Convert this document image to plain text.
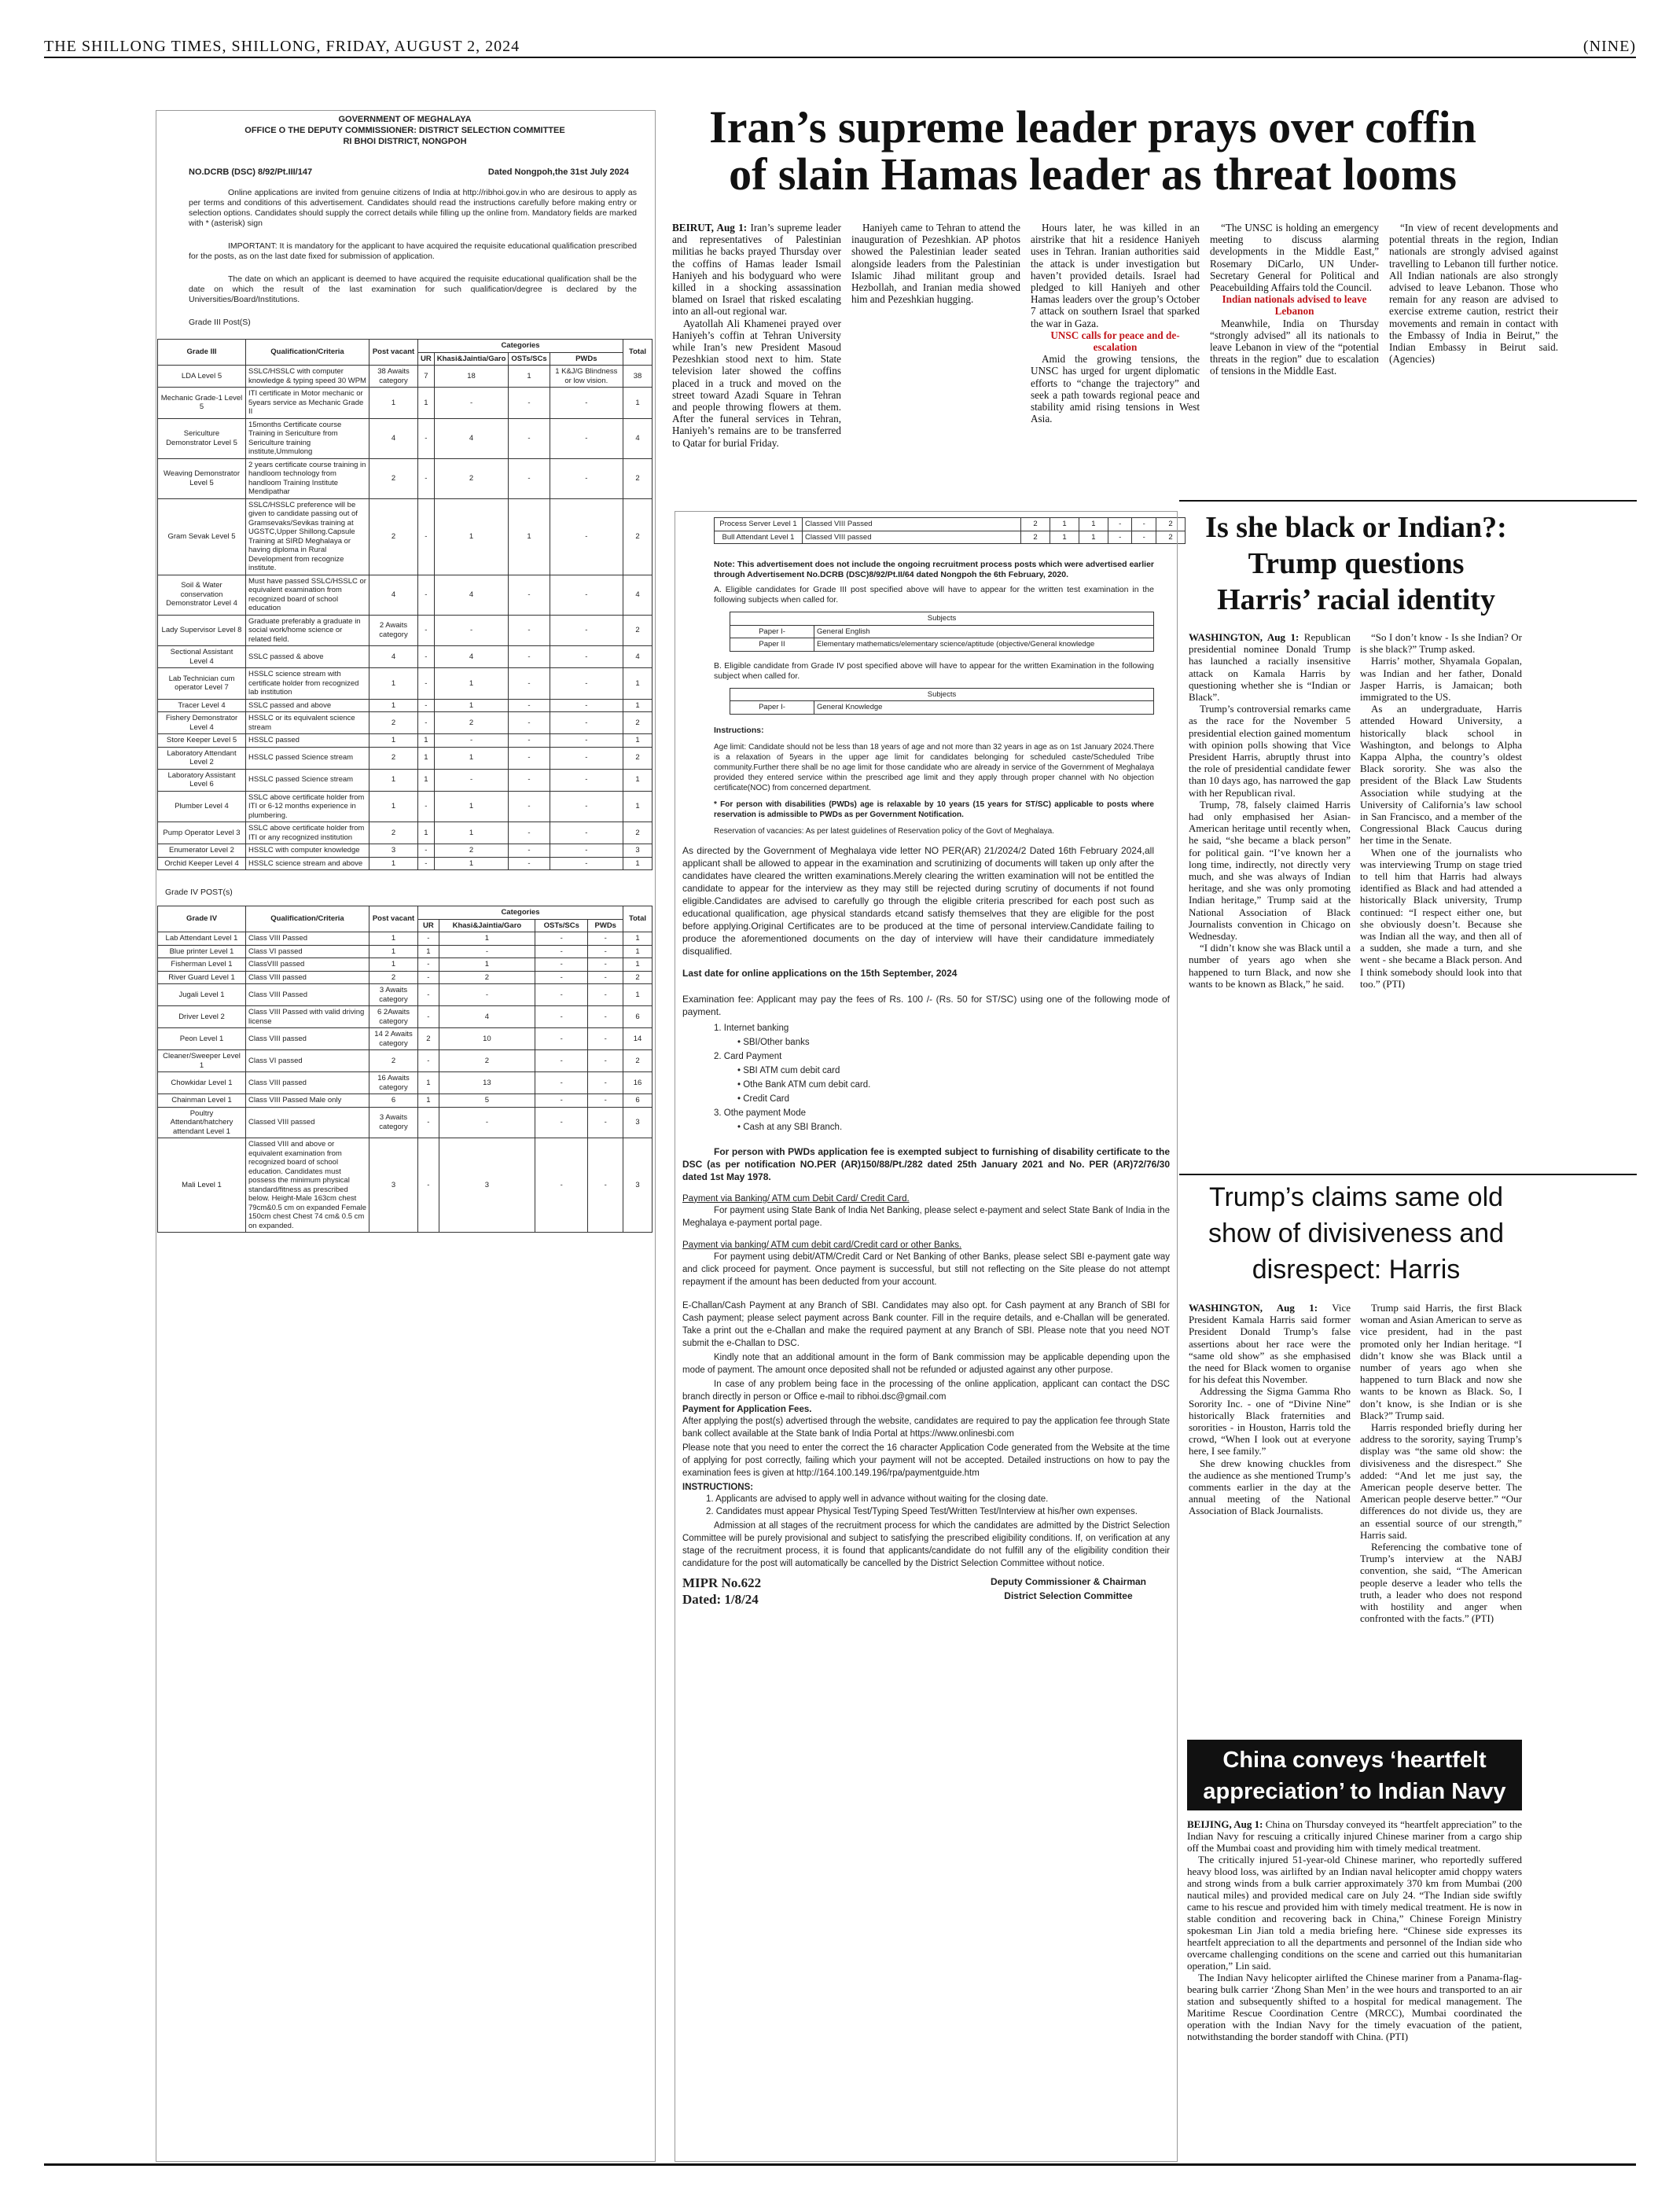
THE SHILLONG TIMES, SHILLONG, FRIDAY, AUGUST 2, 2024	(NINE)

GOVERNMENT OF MEGHALAYA

OFFICE O THE DEPUTY COMMISSIONER: DISTRICT SELECTION COMMITTEE

RI BHOI DISTRICT, NONGPOH

NO.DCRB (DSC) 8/92/Pt.III/147	Dated Nongpoh,the 31st July 2024

Online applications are invited from genuine citizens of India at http://ribhoi.gov.in who are desirous to apply as per terms and conditions of this advertisement. Candidates should read the instructions carefully before making entry or selection options. Candidates should supply the correct details while filling up the online from. Mandatory fields are marked with * (asterisk) sign

IMPORTANT: It is mandatory for the applicant to have acquired the requisite educational qualification prescribed for the posts, as on the last date fixed for submission of application.

The date on which an applicant is deemed to have acquired the requisite educational qualification shall be the date on which the result of the last examination for such qualification/degree is declared by the Universities/Board/Institutions.

Grade III Post(S)

Grade III	Qualification/Criteria	Post vacant	Categories				Total
			UR	Khasi&Jaintia/Garo	OSTs/SCs	PWDs	
LDA Level 5	SSLC/HSSLC with computer knowledge & typing speed 30 WPM	38 Awaits category	7	18	1	1 K&J/G Blindness or low vision.	38
Mechanic Grade-1 Level 5	ITI certificate in Motor mechanic or 5years service as Mechanic Grade II	1	1	-	-	-	1
Sericulture Demonstrator Level 5	15months Certificate course Training in Sericulture from Sericulture training institute,Ummulong	4	-	4	-	-	4
Weaving Demonstrator Level 5	2 years certificate course training in handloom technology from handloom Training Institute Mendipathar	2	-	2	-	-	2
Gram Sevak Level 5	SSLC/HSSLC preference will be given to candidate passing out of Gramsevaks/Sevikas training at UGSTC,Upper Shillong.Capsule Training at SIRD Meghalaya or having diploma in Rural Development from recognize institute.	2	-	1	1	-	2
Soil & Water conservation Demonstrator Level 4	Must have passed SSLC/HSSLC or equivalent examination from recognized board of school education	4	-	4	-	-	4
Lady Supervisor Level 8	Graduate preferably a graduate in social work/home science or related field.	2 Awaits category	-	-	-	-	2
Sectional Assistant Level 4	SSLC passed & above	4	-	4	-	-	4
Lab Technician cum operator Level 7	HSSLC science stream with certificate holder from recognized lab institution	1	-	1	-	-	1
Tracer Level 4	SSLC passed and above	1	-	1	-	-	1
Fishery Demonstrator Level 4	HSSLC or its equivalent science stream	2	-	2	-	-	2
Store Keeper Level 5	HSSLC passed	1	1	-	-	-	1
Laboratory Attendant Level 2	HSSLC passed Science stream	2	1	1	-	-	2
Laboratory Assistant Level 6	HSSLC passed Science stream	1	1	-	-	-	1
Plumber Level 4	SSLC above certificate holder from ITI or 6-12 months experience in plumbering.	1	-	1	-	-	1
Pump Operator Level 3	SSLC above certificate holder from ITI or any recognized institution	2	1	1	-	-	2
Enumerator Level 2	HSSLC with computer knowledge	3	-	2	-	-	3
Orchid Keeper Level 4	HSSLC science stream and above	1	-	1	-	-	1

Grade IV POST(s)

Grade IV	Qualification/Criteria	Post vacant	Categories				Total
			UR	Khasi&Jaintia/Garo	OSTs/SCs	PWDs	
Lab Attendant Level 1	Class VIII Passed	1	-	1	-	-	1
Blue printer Level 1	Class VI passed	1	1	-	-	-	1
Fisherman Level 1	ClassVIII passed	1	-	1	-	-	1
River Guard Level 1	Class VIII passed	2	-	2	-	-	2
Jugali Level 1	Class VIII Passed	3 Awaits category	-	-	-	-	1
Driver Level 2	Class VIII Passed with valid driving license	6 2Awaits category	-	4	-	-	6
Peon Level 1	Class VIII passed	14 2 Awaits category	2	10	-	-	14
Cleaner/Sweeper Level 1	Class VI passed	2	-	2	-	-	2
Chowkidar Level 1	Class VIII passed	16 Awaits category	1	13	-	-	16
Chainman Level 1	Class VIII Passed Male only	6	1	5	-	-	6
Poultry Attendant/hatchery attendant Level 1	Classed VIII passed	3 Awaits category	-	-	-	-	3
Mali Level 1	Classed VIII and above or equivalent examination from recognized board of school education. Candidates must possess the minimum physical standard/fitness as prescribed below. Height-Male 163cm chest 79cm&0.5 cm on expanded Female 150cm chest Chest 74 cm& 0.5 cm on expanded.	3	-	3	-	-	3
Process Server Level 1	Classed VIII Passed	2	1	1	-	-	2
Bull Attendant Level 1	Classed VIII passed	2	1	1	-	-	2

Note: This advertisement does not include the ongoing recruitment process posts which were advertised earlier through Advertisement No.DCRB (DSC)8/92/Pt.II/64 dated Nongpoh the 6th February, 2020.

A. Eligible candidates for Grade III post specified above will have to appear for the written test examination in the following subjects when called for.

Subjects	
Paper I-	General English
Paper II	Elementary mathematics/elementary science/aptitude (objective/General knowledge

B. Eligible candidate from Grade IV post specified above will have to appear for the written Examination in the following subject when called for.

Subjects
Paper I-	General Knowledge

Instructions:

Age limit: Candidate should not be less than 18 years of age and not more than 32 years in age as on 1st January 2024.There is a relaxation of 5years in the upper age limit for candidates belonging for scheduled caste/Scheduled Tribe community.Further there shall be no age limit for those candidate who are already in service of the Government of Meghalaya provided they entered service within the prescribed age limit and they apply through proper channel with No objection certificate(NOC) from concerned department.

* For person with disabilities (PWDs) age is relaxable by 10 years (15 years for ST/SC) applicable to posts where reservation is admissible to PWDs as per Government Notification.

Reservation of vacancies: As per latest guidelines of Reservation policy of the Govt of Meghalaya.

As directed by the Government of Meghalaya vide letter NO PER(AR) 21/2024/2 Dated 16th February 2024,all applicant shall be allowed to appear in the examination and scrutinizing of documents will taken up only after the candidates have cleared the written examinations.Merely clearing the written examination will not be entitled the candidate to appear for the interview as they may still be rejected during scrutiny of documents if not found eligible.Candidates are advised to carefully go through the eligible criteria prescribed for each post such as educational qualification, age physical standards etcand satisfy themselves that they are eligible for the post before applying.Original Certificates are to be produced at the time of personal interview.Candidate failing to produce the aforementioned documents on the day of interview will have their candidature immediately disqualified.

Last date for online applications on the 15th September, 2024

Examination fee: Applicant may pay the fees of Rs. 100 /- (Rs. 50 for ST/SC) using one of the following mode of payment.

1. Internet banking
• SBI/Other banks
2. Card Payment
• SBI ATM cum debit card
• Othe Bank ATM cum debit card.
• Credit Card
3. Othe payment Mode
• Cash at any SBI Branch.

For person with PWDs application fee is exempted subject to furnishing of disability certificate to the DSC (as per notification NO.PER (AR)150/88/Pt./282 dated 25th January 2021 and No. PER (AR)72/76/30 dated 1st May 1978.

Payment via Banking/ ATM cum Debit Card/ Credit Card.

For payment using State Bank of India Net Banking, please select e-payment and select State Bank of India in the Meghalaya e-payment portal page.

Payment via banking/ ATM cum debit card/Credit card or other Banks.

For payment using debit/ATM/Credit Card or Net Banking of other Banks, please select SBI e-payment gate way and click proceed for payment. Once payment is successful, but still not reflecting on the Site please do not attempt repayment if the amount has been deducted from your account.

E-Challan/Cash Payment at any Branch of SBI. Candidates may also opt. for Cash payment at any Branch of SBI for Cash payment; please select payment across Bank counter. Fill in the require details, and e-Challan will be generated. Take a print out the e-Challan and make the required payment at any Branch of SBI. Please note that you need NOT submit the e-Challan to DSC.

Kindly note that an additional amount in the form of Bank commission may be applicable depending upon the mode of payment. The amount once deposited shall not be refunded or adjusted against any other purpose.

In case of any problem being face in the processing of the online application, applicant can contact the DSC branch directly in person or Office e-mail to ribhoi.dsc@gmail.com

Payment for Application Fees.

After applying the post(s) advertised through the website, candidates are required to pay the application fee through State bank collect available at the State bank of India Portal at https://www.onlinesbi.com

Please note that you need to enter the correct the 16 character Application Code generated from the Website at the time of applying for post correctly, failing which your payment will not be accepted. Detailed instructions on how to pay the examination fees is given at http://164.100.149.196/rpa/paymentguide.htm

INSTRUCTIONS:

1. Applicants are advised to apply well in advance without waiting for the closing date.
2. Candidates must appear Physical Test/Typing Speed Test/Written Test/Interview at his/her own expenses.

Admission at all stages of the recruitment process for which the candidates are admitted by the District Selection Committee will be purely provisional and subject to satisfying the prescribed eligibility conditions. If, on verification at any stage of the recruitment process, it is found that applicants/candidate do not fulfill any of the eligibility condition their candidature for the post will automatically be cancelled by the District Selection Committee without notice.

MIPR No.622
Dated: 1/8/24
Deputy Commissioner & Chairman
District Selection Committee
Iran’s supreme leader prays over coffin
of slain Hamas leader as threat looms

BEIRUT, Aug 1: Iran’s supreme leader and representatives of Palestinian militias he backs prayed Thursday over the coffins of Hamas leader Ismail Haniyeh and his bodyguard who were killed in a shocking assassination blamed on Israel that risked escalating into an all-out regional war.

Ayatollah Ali Khamenei prayed over Haniyeh’s coffin at Tehran University while Iran’s new President Masoud Pezeshkian stood next to him. State television later showed the coffins placed in a truck and moved on the street toward Azadi Square in Tehran and people throwing flowers at them. After the funeral services in Tehran, Haniyeh’s remains are to be transferred to Qatar for burial Friday.

Haniyeh came to Tehran to attend the inauguration of Pezeshkian. AP photos showed the Palestinian leader seated alongside leaders from the Palestinian Islamic Jihad militant group and Hezbollah, and Iranian media showed him and Pezeshkian hugging.

Hours later, he was killed in an airstrike that hit a residence Haniyeh uses in Tehran. Iranian authorities said the attack is under investigation but haven’t provided details. Israel had pledged to kill Haniyeh and other Hamas leaders over the group’s October 7 attack on southern Israel that sparked the war in Gaza.

UNSC calls for peace and de-escalation

Amid the growing tensions, the UNSC has urged for urgent diplomatic efforts to “change the trajectory” and seek a path towards regional peace and stability amid rising tensions in West Asia.

“The UNSC is holding an emergency meeting to discuss alarming developments in the Middle East,” Rosemary DiCarlo, UN Under-Secretary General for Political and Peacebuilding Affairs told the Council.

Indian nationals advised to leave Lebanon

Meanwhile, India on Thursday “strongly advised” all its nationals to leave Lebanon in view of the “potential threats in the region” due to escalation of tensions in the Middle East.

“In view of recent developments and potential threats in the region, Indian nationals are strongly advised against travelling to Lebanon till further notice. All Indian nationals are also strongly advised to leave Lebanon. Those who remain for any reason are advised to exercise extreme caution, restrict their movements and remain in contact with the Embassy of India in Beirut,” the Indian Embassy in Beirut said. (Agencies)

Is she black or Indian?:
Trump questions
Harris’ racial identity

WASHINGTON, Aug 1: Republican presidential nominee Donald Trump has launched a racially insensitive attack on Kamala Harris by questioning whether she is “Indian or Black”.

Trump’s controversial remarks came as the race for the November 5 presidential election gained momentum with opinion polls showing that Vice President Harris, abruptly thrust into the role of presidential candidate fewer than 10 days ago, has narrowed the gap with her Republican rival.

Trump, 78, falsely claimed Harris had only emphasised her Asian-American heritage until recently when, he said, “she became a black person” for political gain. “I’ve known her a long time, indirectly, not directly very much, and she was always of Indian heritage, and she was only promoting Indian heritage,” Trump said at the National Association of Black Journalists convention in Chicago on Wednesday.

“I didn’t know she was Black until a number of years ago when she happened to turn Black, and now she wants to be known as Black,” he said.

“So I don’t know - Is she Indian? Or is she black?” Trump asked.

Harris’ mother, Shyamala Gopalan, was Indian and her father, Donald Jasper Harris, is Jamaican; both immigrated to the US.

As an undergraduate, Harris attended Howard University, a historically black school in Washington, and belongs to Alpha Kappa Alpha, the country’s oldest Black sorority. She was also the president of the Black Law Students Association while studying at the University of California’s law school in San Francisco, and a member of the Congressional Black Caucus during her time in the Senate.

When one of the journalists who was interviewing Trump on stage tried to tell him that Harris had always identified as Black and had attended a historically Black university, Trump continued: “I respect either one, but she obviously doesn’t. Because she was Indian all the way, and then all of a sudden, she made a turn, and she went - she became a Black person. And I think somebody should look into that too.” (PTI)

Trump’s claims same old
show of divisiveness and
disrespect: Harris

WASHINGTON, Aug 1: Vice President Kamala Harris said former President Donald Trump’s false assertions about her race were the “same old show” as she emphasised the need for Black women to organise for his defeat this November.

Addressing the Sigma Gamma Rho Sorority Inc. - one of “Divine Nine” historically Black fraternities and sororities - in Houston, Harris told the crowd, “When I look out at everyone here, I see family.”

She drew knowing chuckles from the audience as she mentioned Trump’s comments earlier in the day at the annual meeting of the National Association of Black Journalists.

Trump said Harris, the first Black woman and Asian American to serve as vice president, had in the past promoted only her Indian heritage. “I didn’t know she was Black until a number of years ago when she happened to turn Black and now she wants to be known as Black. So, I don’t know, is she Indian or is she Black?” Trump said.

Harris responded briefly during her address to the sorority, saying Trump’s display was “the same old show: the divisiveness and the disrespect.” She added: “And let me just say, the American people deserve better. The American people deserve better.” “Our differences do not divide us, they are an essential source of our strength,” Harris said.

Referencing the combative tone of Trump’s interview at the NABJ convention, she said, “The American people deserve a leader who tells the truth, a leader who does not respond with hostility and anger when confronted with the facts.” (PTI)

China conveys ‘heartfelt
appreciation’ to Indian Navy

BEIJING, Aug 1: China on Thursday conveyed its “heartfelt appreciation” to the Indian Navy for rescuing a critically injured Chinese mariner from a cargo ship off the Mumbai coast and providing him with timely medical treatment.

The critically injured 51-year-old Chinese mariner, who reportedly suffered heavy blood loss, was airlifted by an Indian naval helicopter amid choppy waters and strong winds from a bulk carrier approximately 370 km from Mumbai (200 nautical miles) and provided medical care on July 24. “The Indian side swiftly came to his rescue and provided him with timely medical treatment. He is now in stable condition and recovering back in China,” Chinese Foreign Ministry spokesman Lin Jian told a media briefing here. “Chinese side expresses its heartfelt appreciation to all the departments and personnel of the Indian side who overcame challenging conditions on the scene and carried out this humanitarian operation,” Lin said.

The Indian Navy helicopter airlifted the Chinese mariner from a Panama-flag-bearing bulk carrier ‘Zhong Shan Men’ in the wee hours and transported to an air station and subsequently shifted to a hospital for medical management. The Maritime Rescue Coordination Centre (MRCC), Mumbai coordinated the operation with the Indian Navy for the timely evacuation of the patient, notwithstanding the border standoff with China. (PTI)
